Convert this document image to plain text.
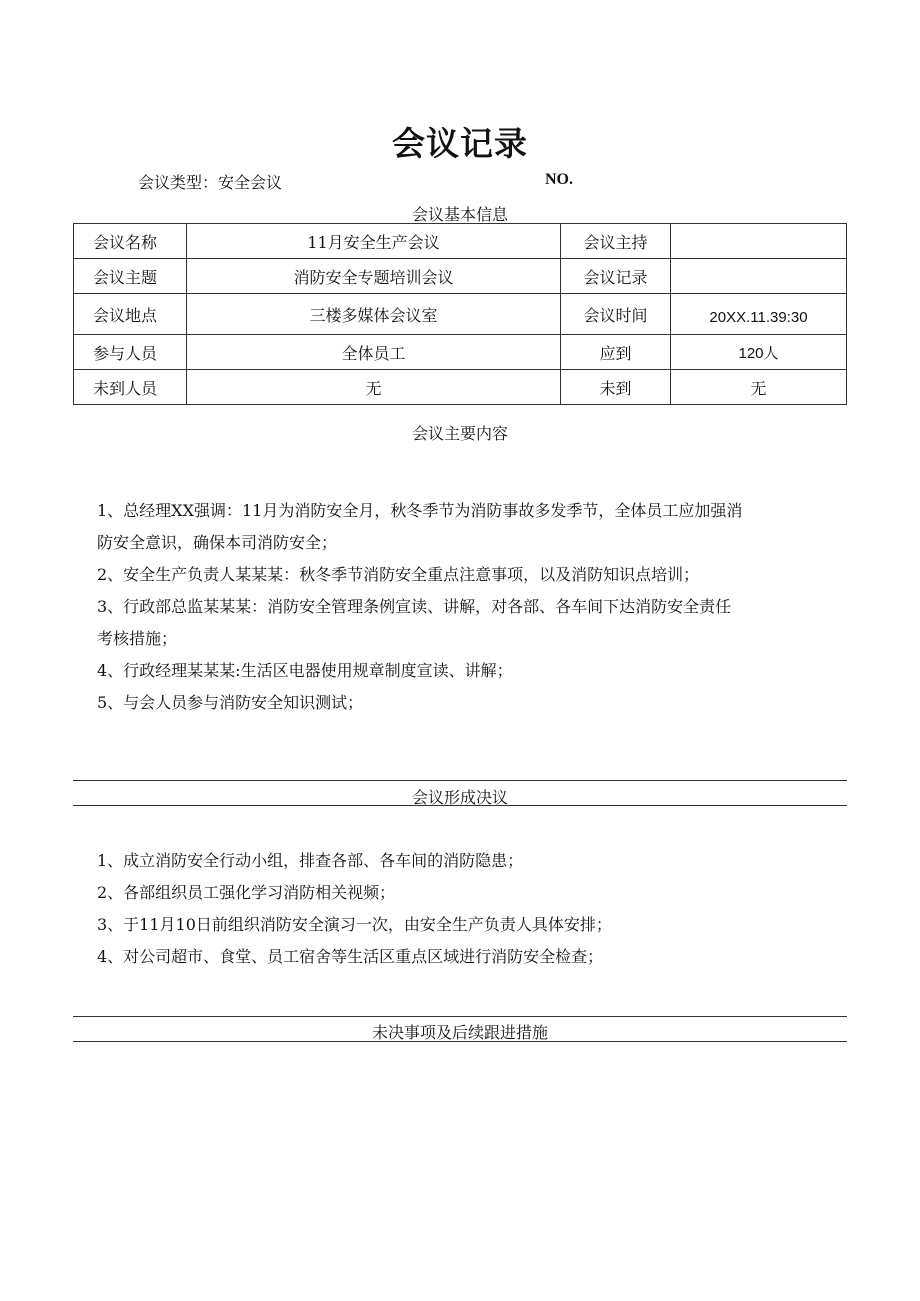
会议记录
会议类型：安全会议	NO.
会议基本信息
会议名称	11月安全生产会议	会议主持	
会议主题	消防安全专题培训会议	会议记录	
会议地点	三楼多媒体会议室	会议时间	20XX.11.39:30
参与人员	全体员工	应到	120人
未到人员	无	未到	无
会议主要内容
1、总经理XX强调：11月为消防安全月，秋冬季节为消防事故多发季节，全体员工应加强消
防安全意识，确保本司消防安全；
2、安全生产负责人某某某：秋冬季节消防安全重点注意事项，以及消防知识点培训；
3、行政部总监某某某：消防安全管理条例宣读、讲解，对各部、各车间下达消防安全责任
考核措施；
4、行政经理某某某:生活区电器使用规章制度宣读、讲解；
5、与会人员参与消防安全知识测试；
会议形成决议
1、成立消防安全行动小组，排查各部、各车间的消防隐患；
2、各部组织员工强化学习消防相关视频；
3、于11月10日前组织消防安全演习一次，由安全生产负责人具体安排；
4、对公司超市、食堂、员工宿舍等生活区重点区域进行消防安全检查；
未决事项及后续跟进措施
